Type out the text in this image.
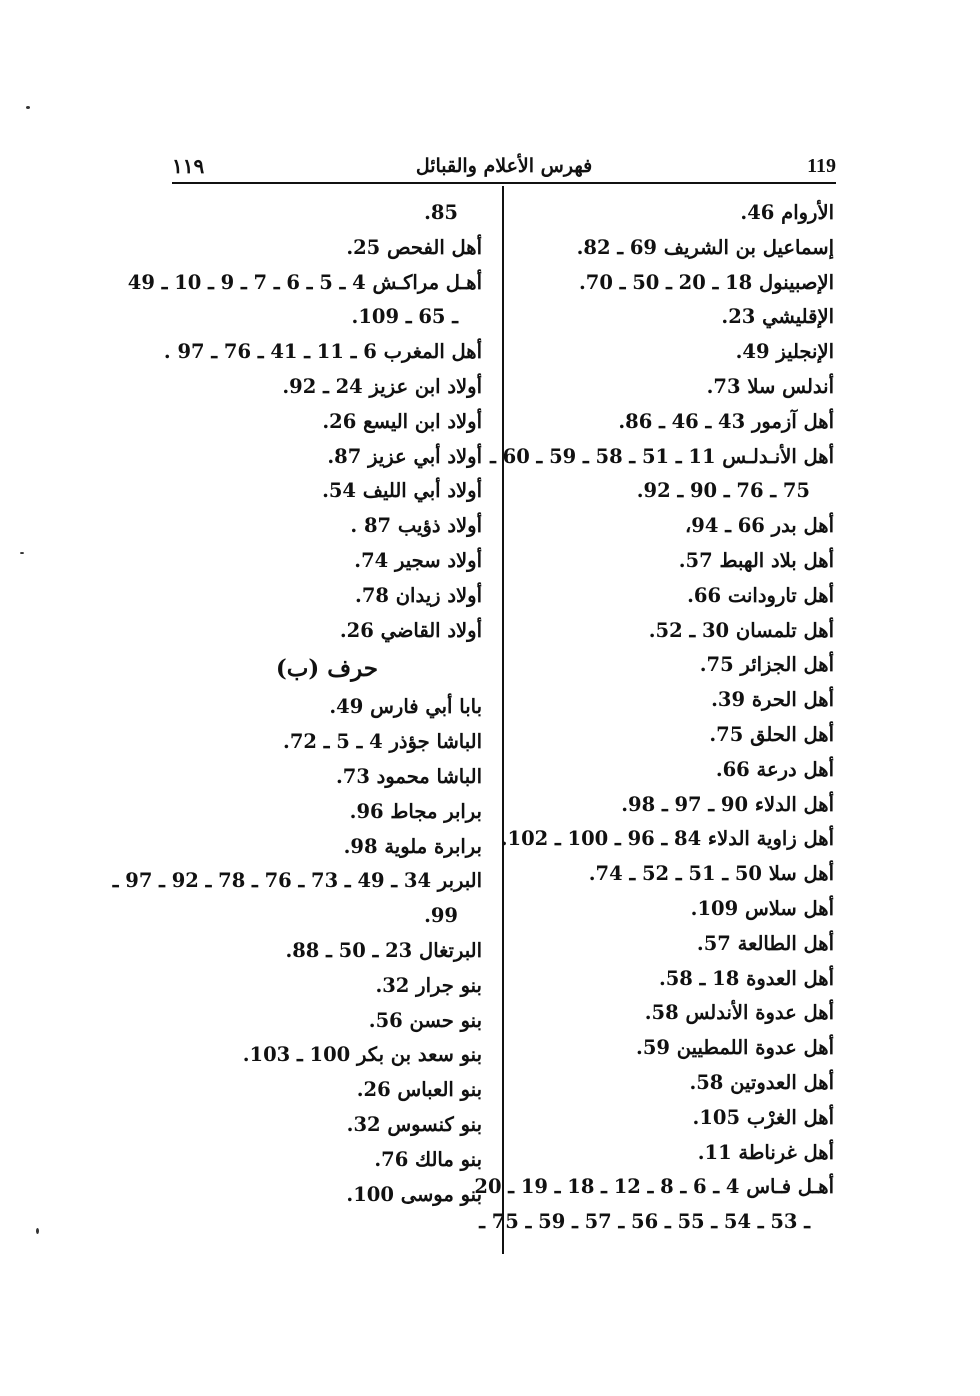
فهرس الأعلام والقبائل	119
١١٩
الأروام 46.
إسماعيل بن الشريف 69 ـ 82.
الإصبينول 18 ـ 20 ـ 50 ـ 70.
الإقليشي 23.
الإنجليز 49.
أندلس سلا 73.
أهل آزمور 43 ـ 46 ـ 86.
أهل الأنـدلـس 11 ـ 51 ـ 58 ـ 59 ـ 60 ـ
75 ـ 76 ـ 90 ـ 92.
أهل بدر 66 ـ 94،
أهل بلاد الهبط 57.
أهل تارودانت 66.
أهل تلمسان 30 ـ 52.
أهل الجزائر 75.
أهل الحرة 39.
أهل الحلق 75.
أهل درعة 66.
أهل الدلاء 90 ـ 97 ـ 98.
أهل زاوية الدلاء 84 ـ 96 ـ 100 ـ 102.
أهل سلا 50 ـ 51 ـ 52 ـ 74.
أهل سلاس 109.
أهل الطالعة 57.
أهل العدوة 18 ـ 58.
أهل عدوة الأندلس 58.
أهل عدوة اللمطيين 59.
أهل العدوتين 58.
أهل الغرْب 105.
أهل غرناطة 11.
أهـل فـاس 4 ـ 6 ـ 8 ـ 12 ـ 18 ـ 19 ـ 20
ـ 53 ـ 54 ـ 55 ـ 56 ـ 57 ـ 59 ـ 75 ـ
85.
أهل الفحص 25.
أهـل مراكـش 4 ـ 5 ـ 6 ـ 7 ـ 9 ـ 10 ـ 49
ـ 65 ـ 109.
أهل المغرب 6 ـ 11 ـ 41 ـ 76 ـ 97 .
أولاد ابن عزيز 24 ـ 92.
أولاد ابن اليسع 26.
أولاد أبي عزيز 87.
أولاد أبي الليف 54.
أولاد ذؤيب 87 .
أولاد سجير 74.
أولاد زيدان 78.
أولاد القاضي 26.
حرف (ب)
بابا أبي فارس 49.
الباشا جؤذر 4 ـ 5 ـ 72.
الباشا محمود 73.
برابر مجاط 96.
برابرة ملوية 98.
البربر 34 ـ 49 ـ 73 ـ 76 ـ 78 ـ 92 ـ 97 ـ
99.
البرتغال 23 ـ 50 ـ 88.
بنو جرار 32.
بنو حسن 56.
بنو سعد بن بكر 100 ـ 103.
بنو العباس 26.
بنو كنسوس 32.
بنو مالك 76.
بنو موسى 100.
